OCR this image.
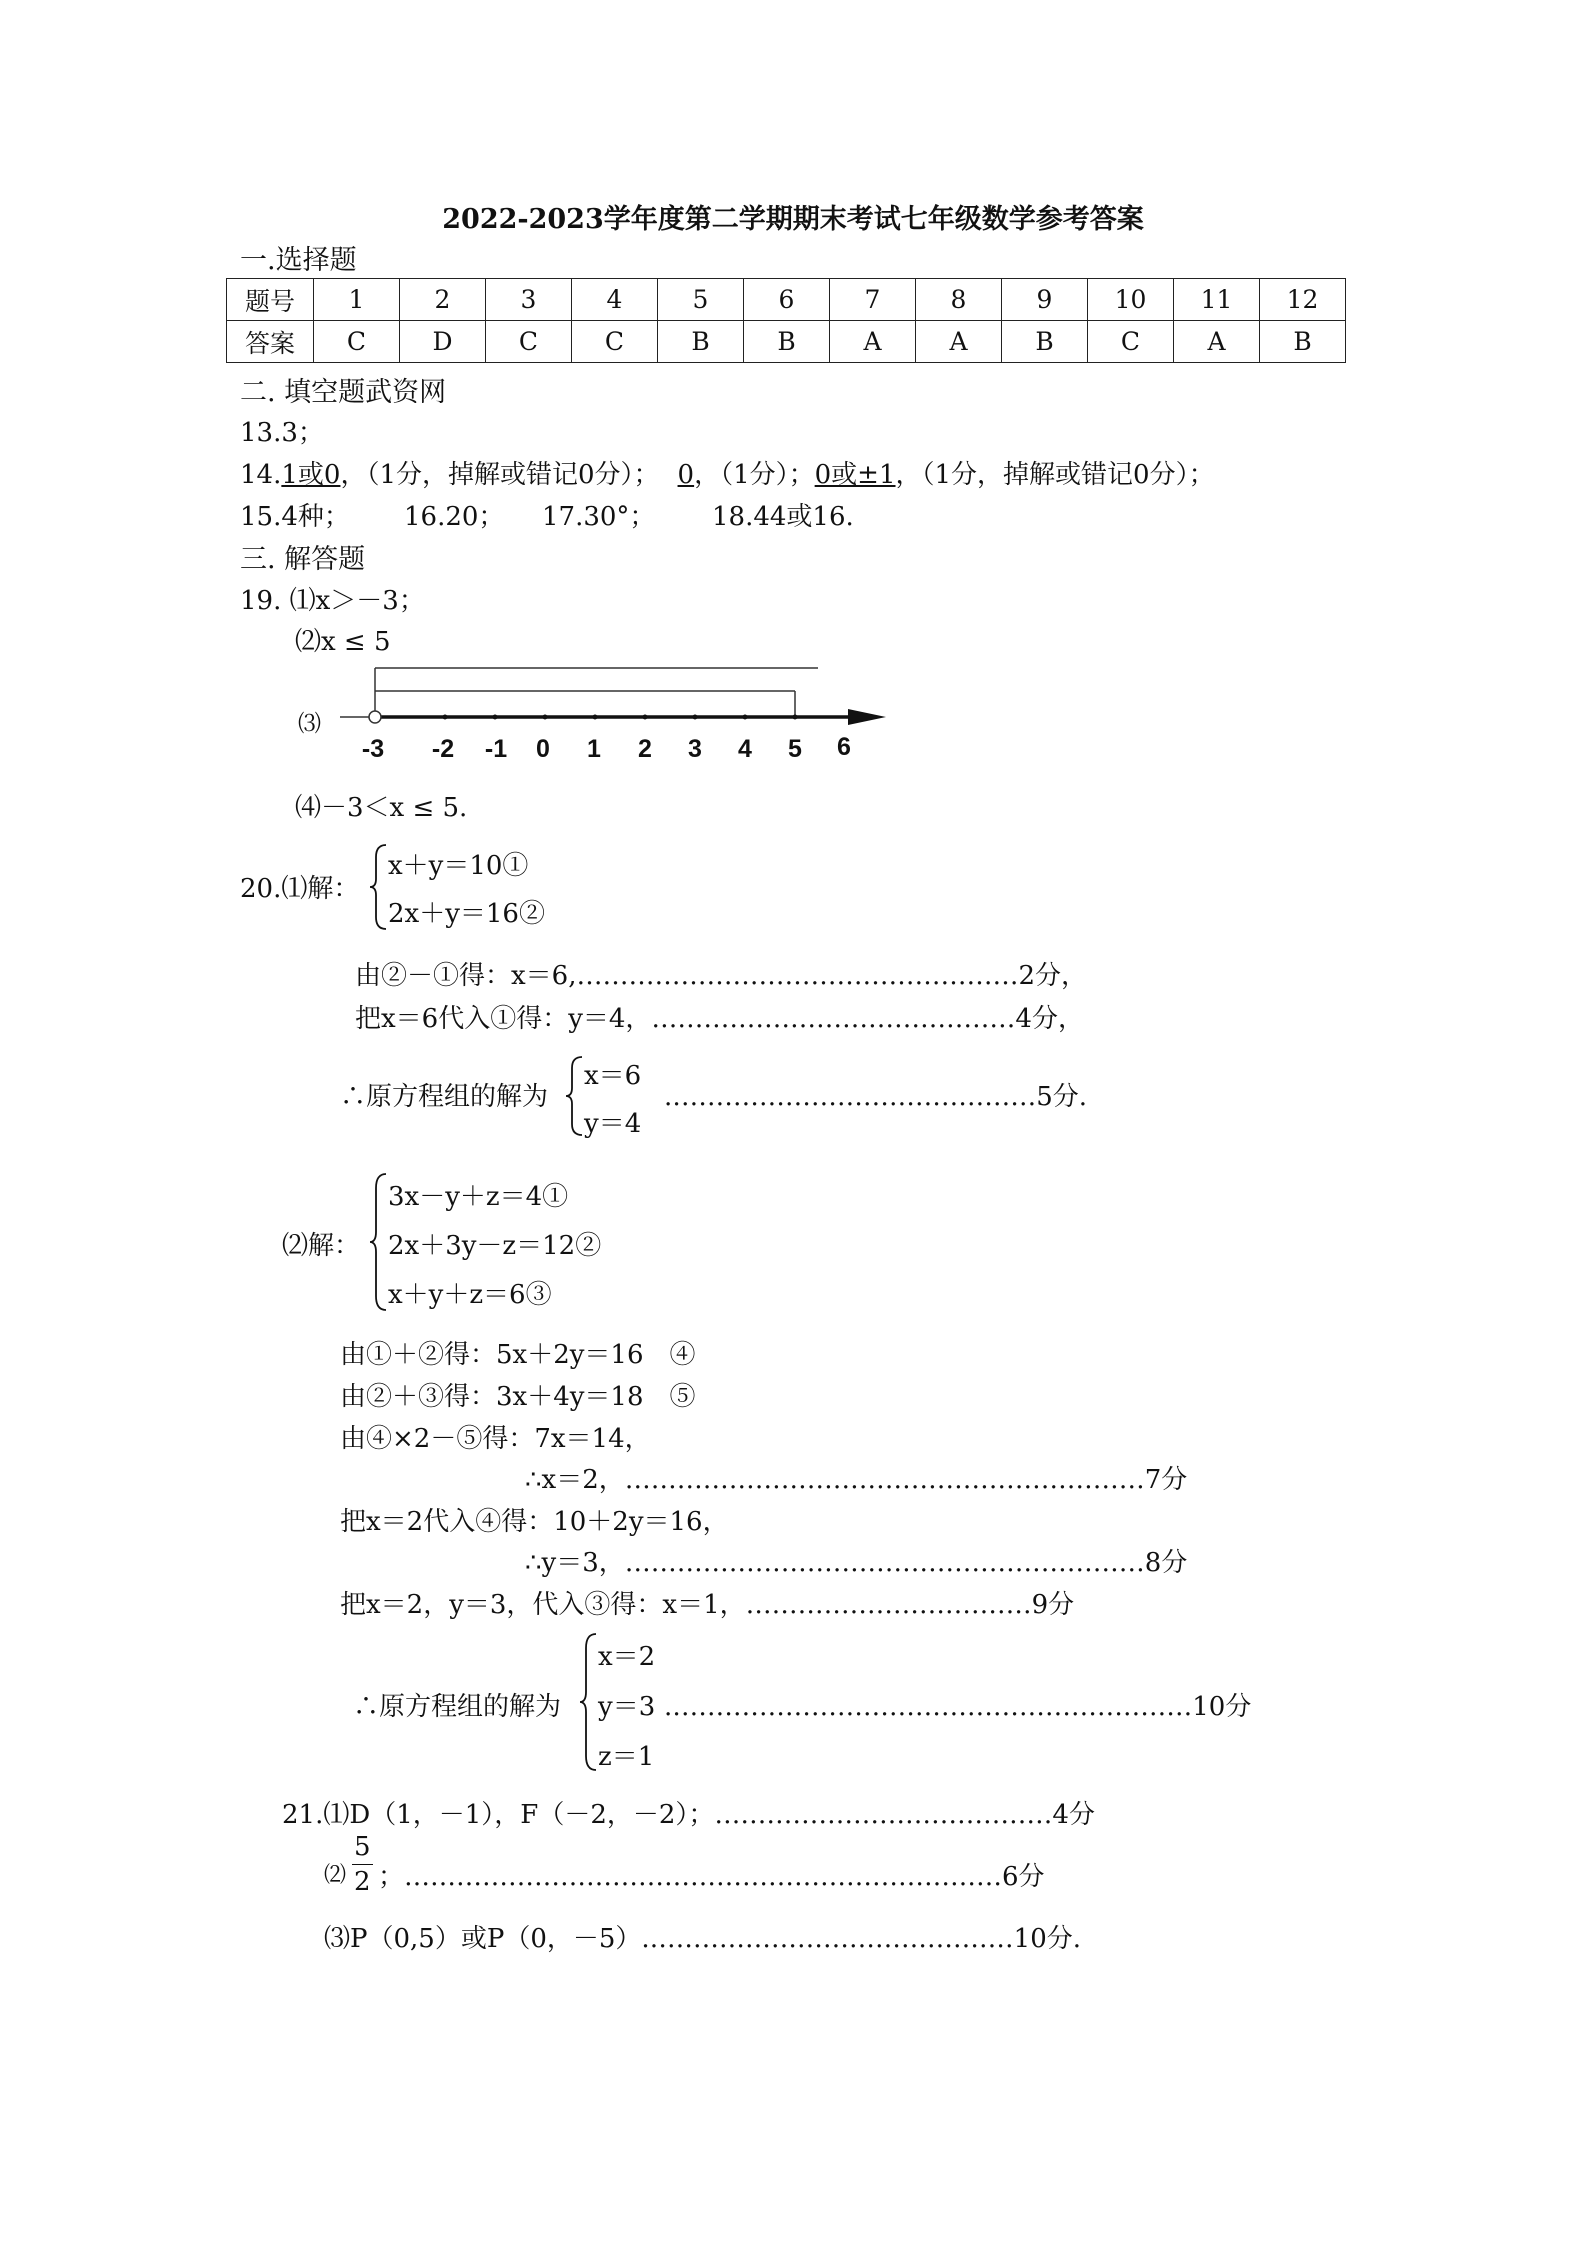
2022-2023学年度第二学期期末考试七年级数学参考答案
一.选择题
题号	1	2	3	4	5	6	7	8	9	10	11	12
答案	C	D	C	C	B	B	A	A	B	C	A	B
二. 填空题武资网
13.3；
14.1或0，（1分，掉解或错记0分）； 0，（1分）；0或±1，（1分，掉解或错记0分）；
15.4种； 16.20； 17.30°； 18.44或16.
三. 解答题
19. ⑴x＞－3；
⑵x ≤ 5
⑶
-3 -2 -1 0 1 2 3 4 5 6
⑷－3＜x ≤ 5.
20.⑴解：
x＋y＝10①
2x＋y＝16②
由②－①得：x＝6,……………………………………………2分，
把x＝6代入①得：y＝4，……………………………………4分，
∴原方程组的解为
x＝6
y＝4
.……………………………………5分.
⑵解：
3x－y＋z＝4①
2x＋3y－z＝12②
x＋y＋z＝6③
由①＋②得：5x＋2y＝16　④
由②＋③得：3x＋4y＝18　⑤
由④×2－⑤得：7x＝14，
∴x＝2，……………………………………………………7分
把x＝2代入④得：10＋2y＝16，
∴y＝3，……………………………………………………8分
把x＝2，y＝3，代入③得：x＝1，……………………………9分
∴原方程组的解为
x＝2
y＝3
z＝1
.……………………………………………………10分
21.⑴D（1，－1），F（－2，－2）；…………………………………4分
⑵ $\frac{5}{2}$ ；……………………………………………………………6分
⑶P（0,5）或P（0，－5）.……………………………………10分.
